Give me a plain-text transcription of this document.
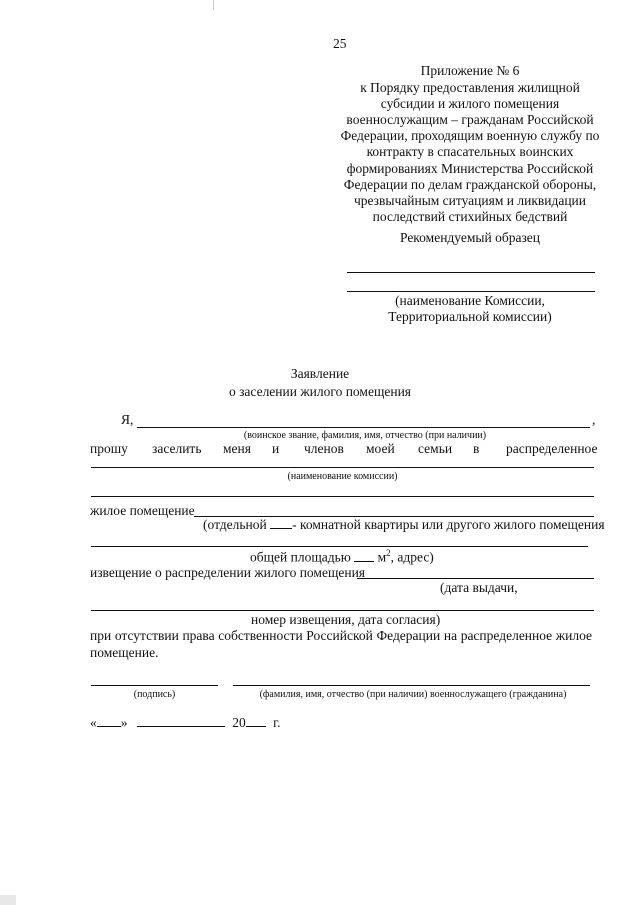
25
Приложение № 6
к Порядку предоставления жилищной
субсидии и жилого помещения
военнослужащим – гражданам Российской
Федерации, проходящим военную службу по
контракту в спасательных воинских
формированиях Министерства Российской
Федерации по делам гражданской обороны,
чрезвычайным ситуациям и ликвидации
последствий стихийных бедствий
Рекомендуемый образец
(наименование Комиссии,
Территориальной комиссии)
Заявление
о заселении жилого помещения
Я,	,
(воинское звание, фамилия, имя, отчество (при наличии)
прошу заселить меня и членов моей семьи в распределенное
(наименование комиссии)
жилое помещение
(отдельной - комнатной квартиры или другого жилого помещения
общей площадью $м^2$, адрес)
извещение о распределении жилого помещения
(дата выдачи,
номер извещения, дата согласия)
при отсутствии права собственности Российской Федерации на распределенное жилое
помещение.
(подпись)	(фамилия, имя, отчество (при наличии) военнослужащего (гражданина)
« »	20 г.
